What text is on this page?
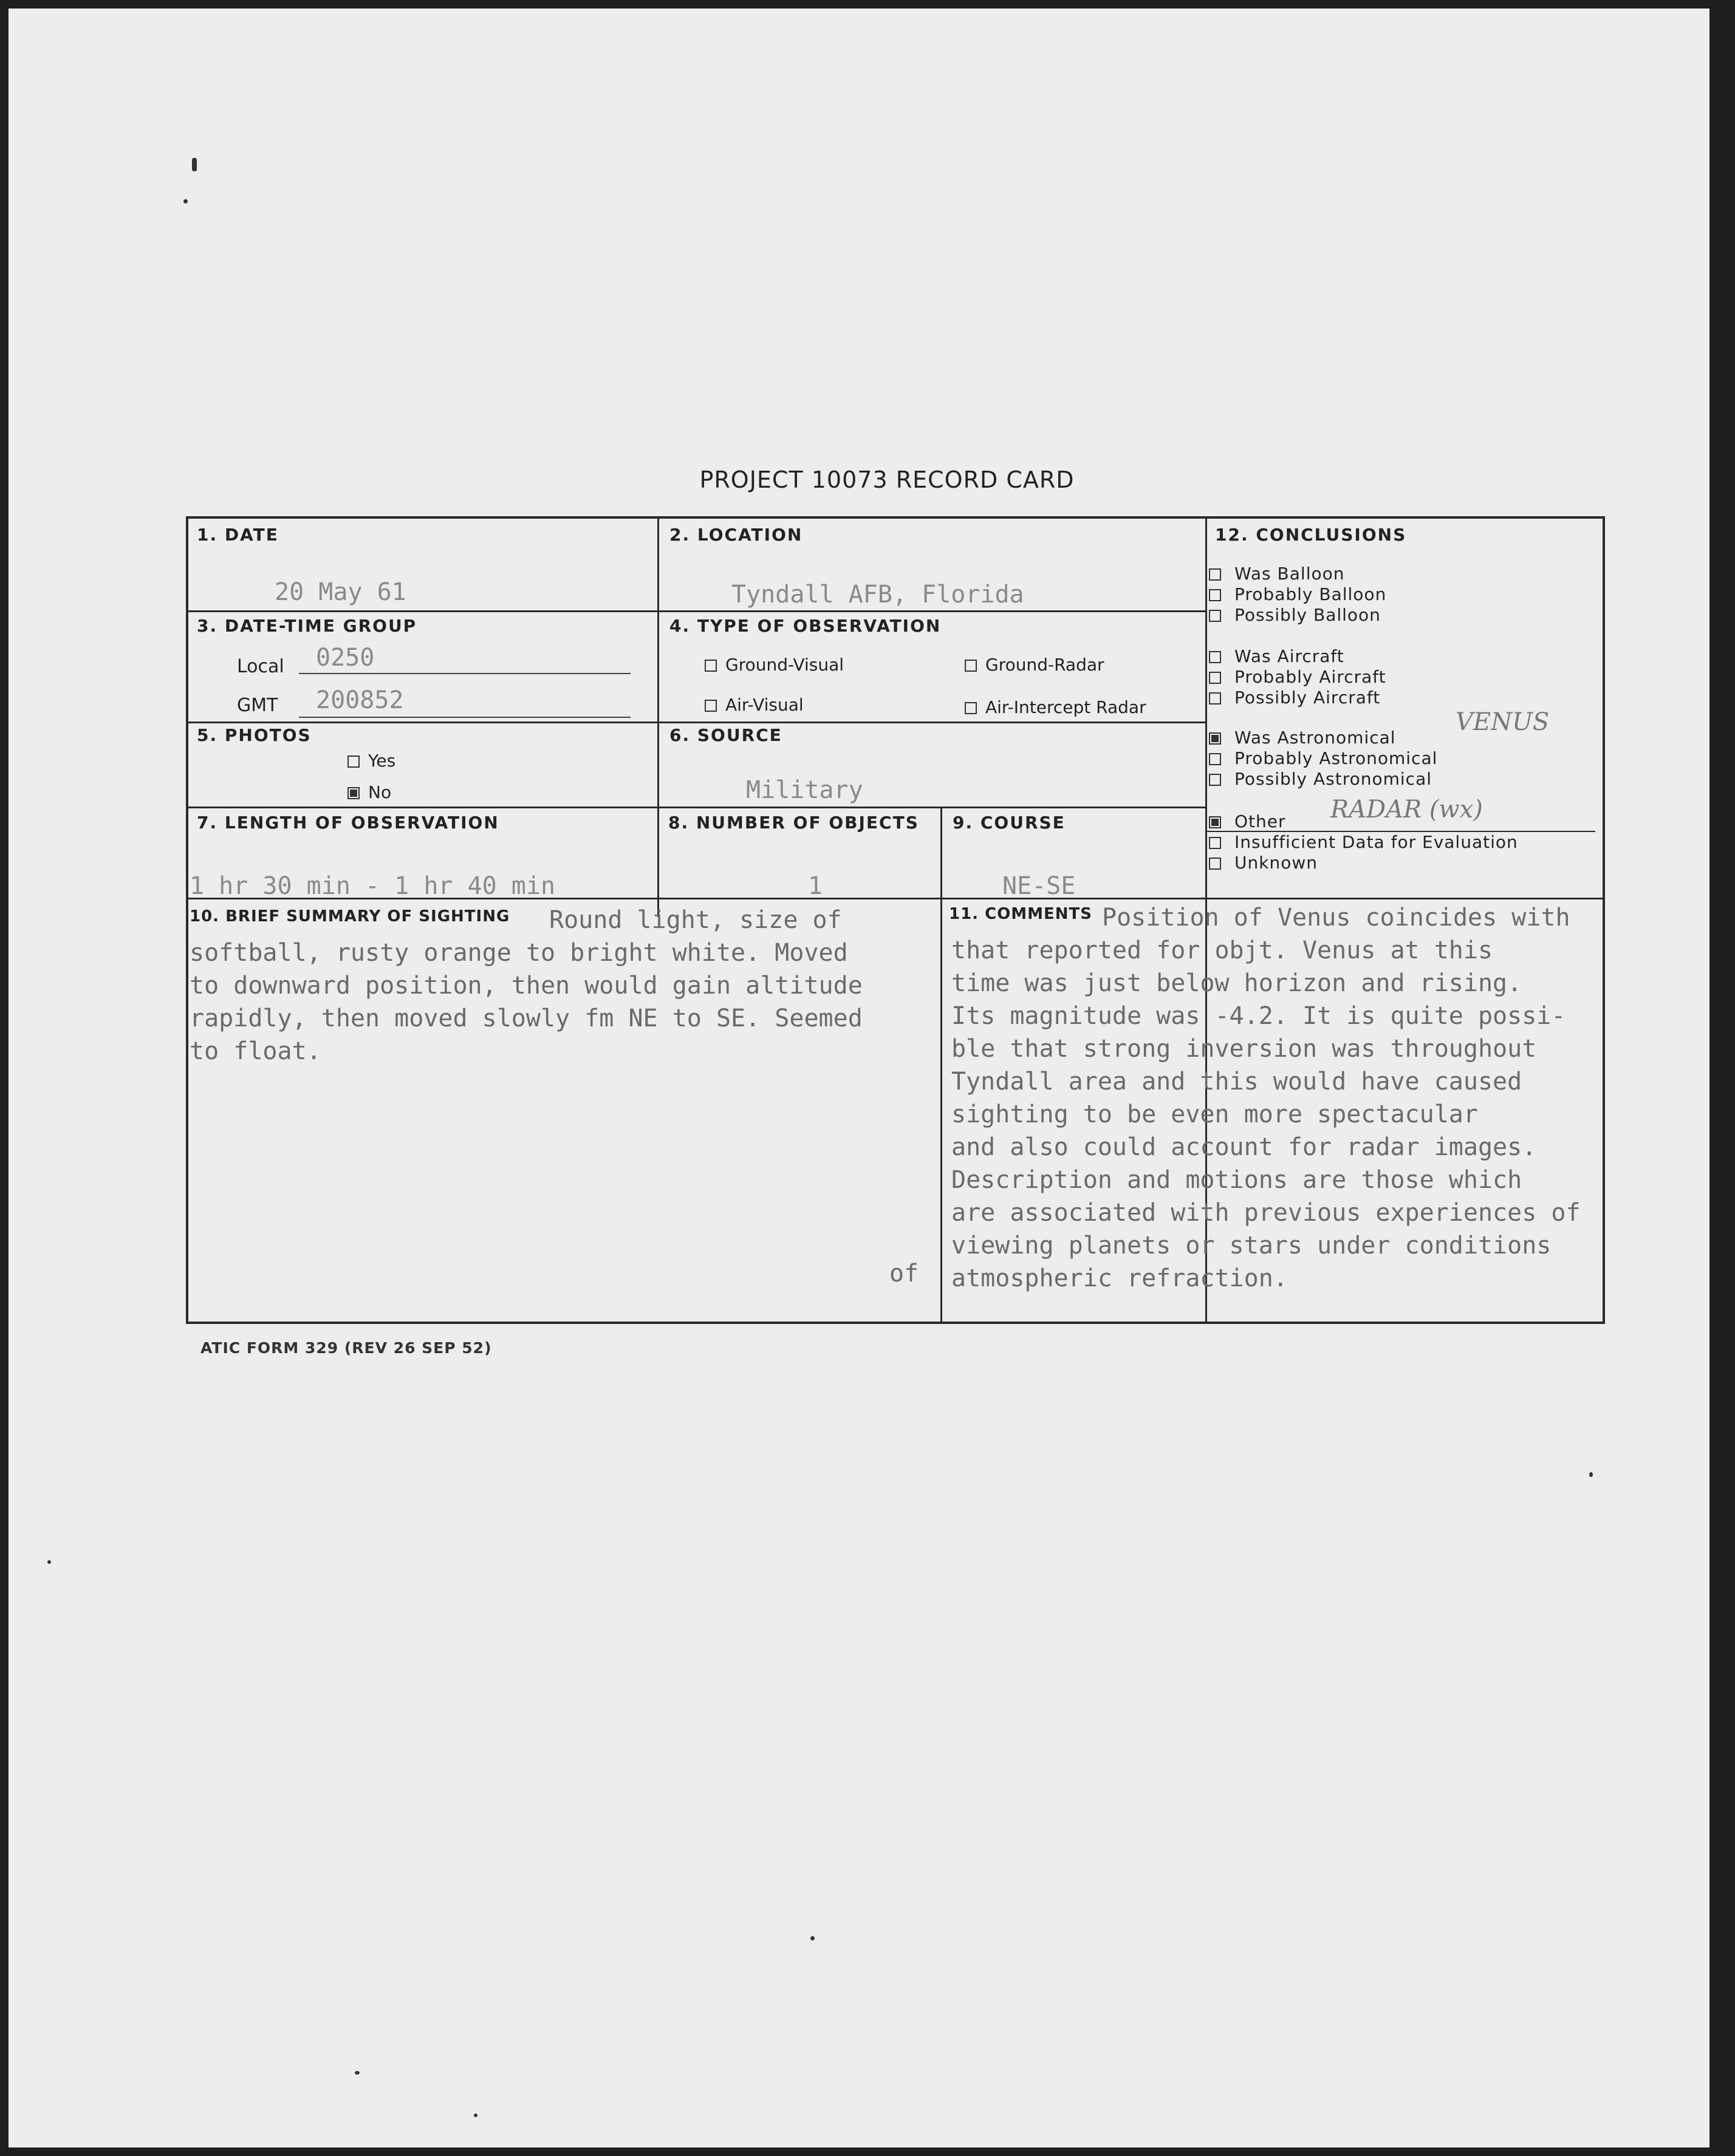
PROJECT 10073 RECORD CARD
1. DATE
20 May 61
2. LOCATION
Tyndall AFB, Florida
3. DATE-TIME GROUP
Local 0250
GMT 200852
4. TYPE OF OBSERVATION
Ground-Visual	Ground-Radar
Air-Visual	Air-Intercept Radar
5. PHOTOS
Yes
No
6. SOURCE
Military
7. LENGTH OF OBSERVATION
1 hr 30 min - 1 hr 40 min
8. NUMBER OF OBJECTS
1
9. COURSE
NE-SE
10. BRIEF SUMMARY OF SIGHTING Round light, size of
softball, rusty orange to bright white. Moved
to downward position, then would gain altitude
rapidly, then moved slowly fm NE to SE. Seemed
to float.
of
11. COMMENTS Position of Venus coincides with
that reported for objt. Venus at this
time was just below horizon and rising.
Its magnitude was -4.2. It is quite possi-
ble that strong inversion was throughout
Tyndall area and this would have caused
sighting to be even more spectacular
and also could account for radar images.
Description and motions are those which
are associated with previous experiences of
viewing planets or stars under conditions
atmospheric refraction.
12. CONCLUSIONS
Was Balloon
Probably Balloon
Possibly Balloon
Was Aircraft
Probably Aircraft
Possibly Aircraft
Was Astronomical
VENUS
Probably Astronomical
Possibly Astronomical
Other RADAR (wx)
Insufficient Data for Evaluation
Unknown
ATIC FORM 329 (REV 26 SEP 52)
